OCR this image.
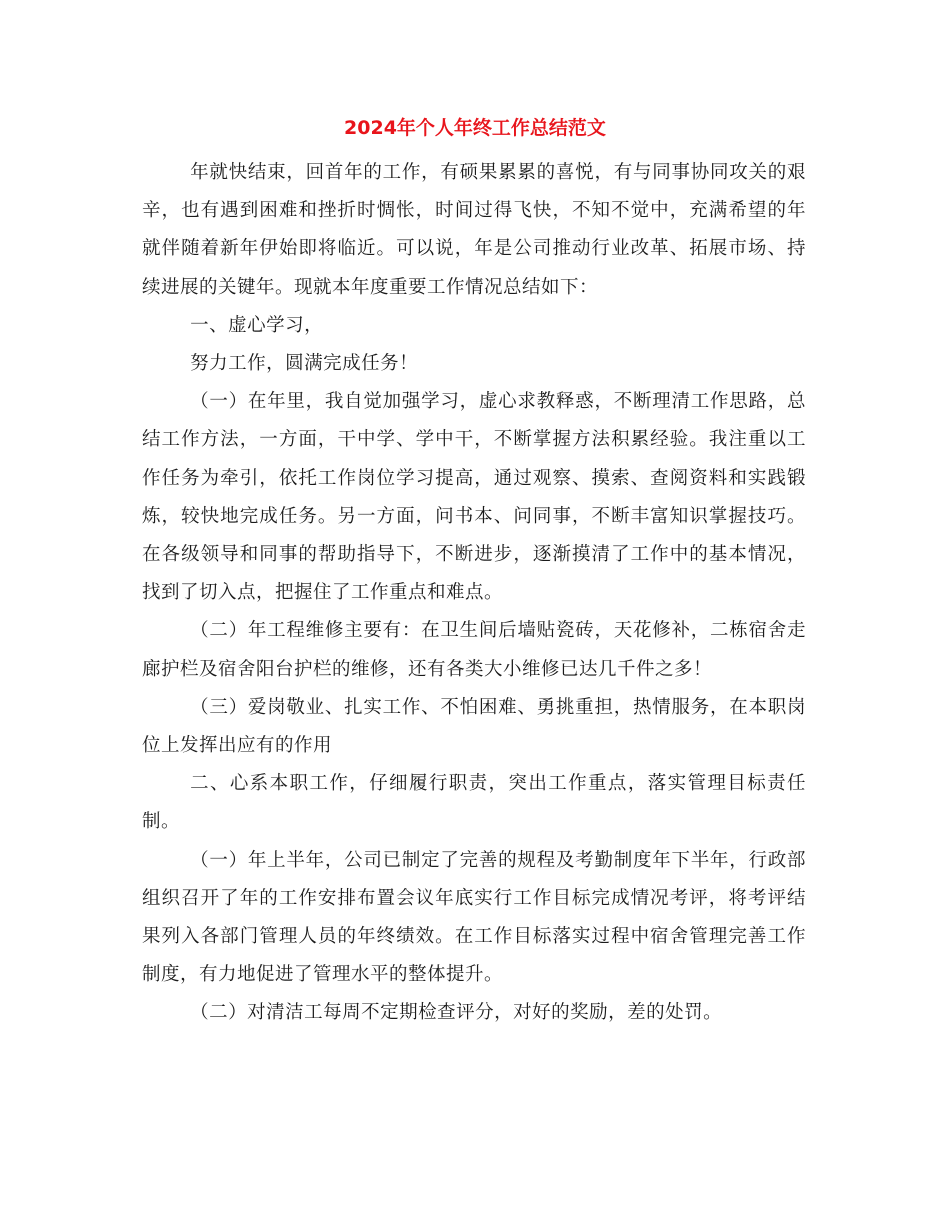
2024年个人年终工作总结范文

年就快结束，回首年的工作，有硕果累累的喜悦，有与同事协同攻关的艰辛，也有遇到困难和挫折时惆怅，时间过得飞快，不知不觉中，充满希望的年就伴随着新年伊始即将临近。可以说，年是公司推动行业改革、拓展市场、持续进展的关键年。现就本年度重要工作情况总结如下：

一、虚心学习，

努力工作，圆满完成任务！

（一）在年里，我自觉加强学习，虚心求教释惑，不断理清工作思路，总结工作方法，一方面，干中学、学中干，不断掌握方法积累经验。我注重以工作任务为牵引，依托工作岗位学习提高，通过观察、摸索、查阅资料和实践锻炼，较快地完成任务。另一方面，问书本、问同事，不断丰富知识掌握技巧。在各级领导和同事的帮助指导下，不断进步，逐渐摸清了工作中的基本情况，找到了切入点，把握住了工作重点和难点。

（二）年工程维修主要有：在卫生间后墙贴瓷砖，天花修补，二栋宿舍走廊护栏及宿舍阳台护栏的维修，还有各类大小维修已达几千件之多！

（三）爱岗敬业、扎实工作、不怕困难、勇挑重担，热情服务，在本职岗位上发挥出应有的作用

二、心系本职工作，仔细履行职责，突出工作重点，落实管理目标责任制。

（一）年上半年，公司已制定了完善的规程及考勤制度年下半年，行政部组织召开了年的工作安排布置会议年底实行工作目标完成情况考评，将考评结果列入各部门管理人员的年终绩效。在工作目标落实过程中宿舍管理完善工作制度，有力地促进了管理水平的整体提升。

（二）对清洁工每周不定期检查评分，对好的奖励，差的处罚。
